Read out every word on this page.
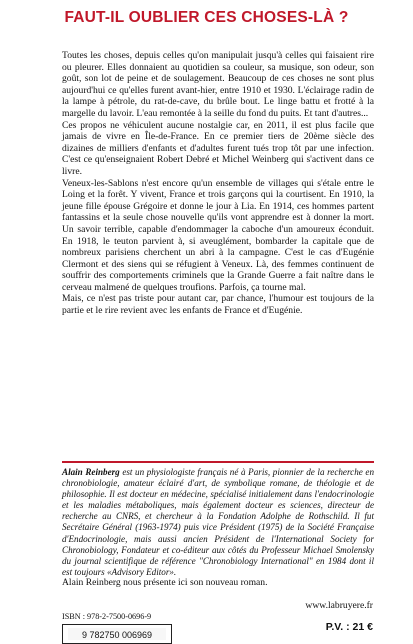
FAUT-IL OUBLIER CES CHOSES-LÀ ?

Toutes les choses, depuis celles qu'on manipulait jusqu'à celles qui faisaient rire ou pleurer. Elles donnaient au quotidien sa couleur, sa musique, son odeur, son goût, son lot de peine et de soulagement. Beaucoup de ces choses ne sont plus aujourd'hui ce qu'elles furent avant-hier, entre 1910 et 1930. L'éclairage radin de la lampe à pétrole, du rat-de-cave, du brûle bout. Le linge battu et frotté à la margelle du lavoir. L'eau remontée à la seille du fond du puits. Et tant d'autres...

Ces propos ne véhiculent aucune nostalgie car, en 2011, il est plus facile que jamais de vivre en Île-de-France. En ce premier tiers de 20ème siècle des dizaines de milliers d'enfants et d'adultes furent tués trop tôt par une infection. C'est ce qu'enseignaient Robert Debré et Michel Weinberg qui s'activent dans ce livre.

Veneux-les-Sablons n'est encore qu'un ensemble de villages qui s'étale entre le Loing et la forêt. Y vivent, France et trois garçons qui la courtisent. En 1910, la jeune fille épouse Grégoire et donne le jour à Lia. En 1914, ces hommes partent fantassins et la seule chose nouvelle qu'ils vont apprendre est à donner la mort. Un savoir terrible, capable d'endommager la caboche d'un amoureux éconduit. En 1918, le teuton parvient à, si aveuglément, bombarder la capitale que de nombreux parisiens cherchent un abri à la campagne. C'est le cas d'Eugénie Clermont et des siens qui se réfugient à Veneux. Là, des femmes continuent de souffrir des comportements criminels que la Grande Guerre a fait naître dans le cerveau malmené de quelques troufions. Parfois, ça tourne mal.

Mais, ce n'est pas triste pour autant car, par chance, l'humour est toujours de la partie et le rire revient avec les enfants de France et d'Eugénie.

Alain Reinberg est un physiologiste français né à Paris, pionnier de la recherche en chronobiologie, amateur éclairé d'art, de symbolique romane, de théologie et de philosophie. Il est docteur en médecine, spécialisé initialement dans l'endocrinologie et les maladies métaboliques, mais également docteur es sciences, directeur de recherche au CNRS, et chercheur à la Fondation Adolphe de Rothschild. Il fut Secrétaire Général (1963-1974) puis vice Président (1975) de la Société Française d'Endocrinologie, mais aussi ancien Président de l'International Society for Chronobiology, Fondateur et co-éditeur aux côtés du Professeur Michael Smolensky du journal scientifique de référence "Chronobiology International" en 1984 dont il est toujours «Advisory Editor».

Alain Reinberg nous présente ici son nouveau roman.

www.labruyere.fr
ISBN : 978-2-7500-0696-9
9 782750 006969
P.V. : 21 €
